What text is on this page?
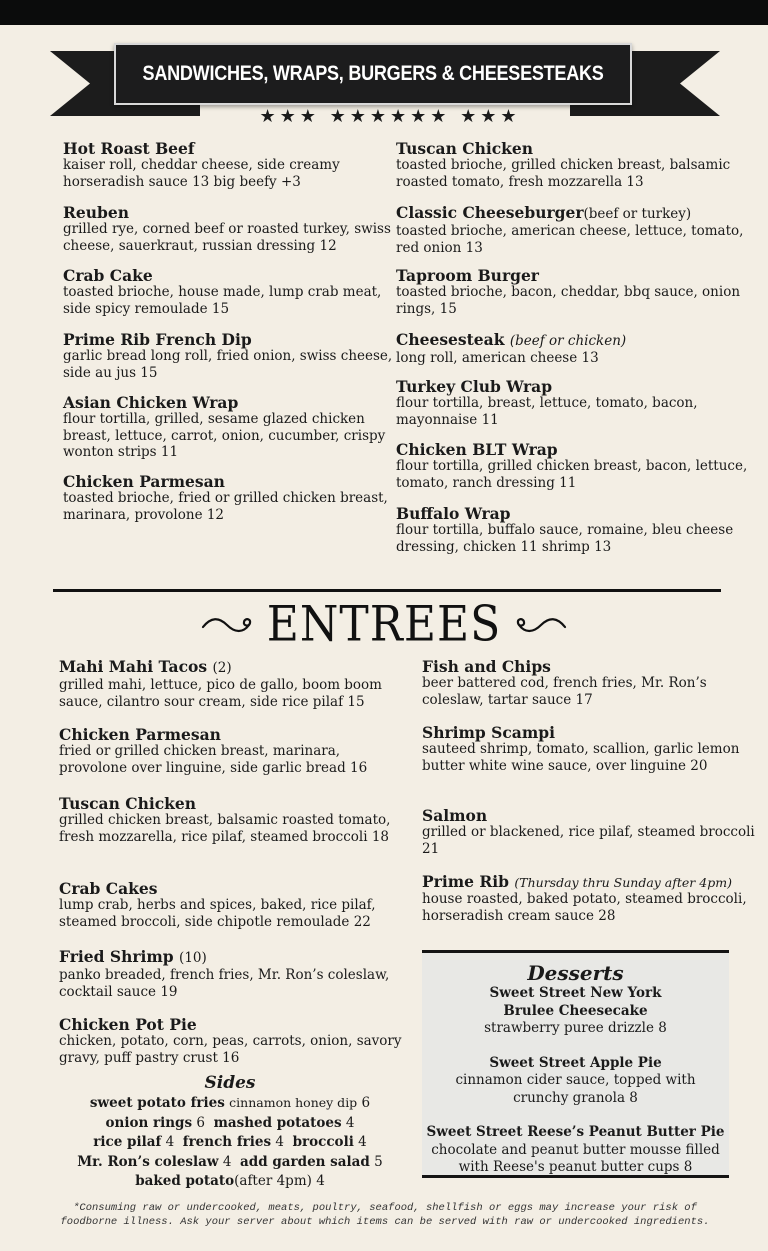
SANDWICHES, WRAPS, BURGERS & CHEESESTEAKS
★★★ ★★★★★★ ★★★
Hot Roast Beef
kaiser roll, cheddar cheese, side creamy horseradish sauce 13 big beefy +3
Reuben
grilled rye, corned beef or roasted turkey, swiss cheese, sauerkraut, russian dressing 12
Crab Cake
toasted brioche, house made, lump crab meat, side spicy remoulade 15
Prime Rib French Dip
garlic bread long roll, fried onion, swiss cheese, side au jus 15
Asian Chicken Wrap
flour tortilla, grilled, sesame glazed chicken breast, lettuce, carrot, onion, cucumber, crispy wonton strips 11
Chicken Parmesan
toasted brioche, fried or grilled chicken breast, marinara, provolone 12
Tuscan Chicken
toasted brioche, grilled chicken breast, balsamic roasted tomato, fresh mozzarella 13
Classic Cheeseburger(beef or turkey)
toasted brioche, american cheese, lettuce, tomato, red onion 13
Taproom Burger
toasted brioche, bacon, cheddar, bbq sauce, onion rings, 15
Cheesesteak (beef or chicken)
long roll, american cheese 13
Turkey Club Wrap
flour tortilla, breast, lettuce, tomato, bacon, mayonnaise 11
Chicken BLT Wrap
flour tortilla, grilled chicken breast, bacon, lettuce, tomato, ranch dressing 11
Buffalo Wrap
flour tortilla, buffalo sauce, romaine, bleu cheese dressing, chicken 11 shrimp 13
ENTREES
Mahi Mahi Tacos (2)
grilled mahi, lettuce, pico de gallo, boom boom sauce, cilantro sour cream, side rice pilaf 15
Chicken Parmesan
fried or grilled chicken breast, marinara, provolone over linguine, side garlic bread 16
Tuscan Chicken
grilled chicken breast, balsamic roasted tomato, fresh mozzarella, rice pilaf, steamed broccoli 18
Crab Cakes
lump crab, herbs and spices, baked, rice pilaf, steamed broccoli, side chipotle remoulade 22
Fried Shrimp (10)
panko breaded, french fries, Mr. Ron’s coleslaw, cocktail sauce 19
Chicken Pot Pie
chicken, potato, corn, peas, carrots, onion, savory gravy, puff pastry crust 16
Fish and Chips
beer battered cod, french fries, Mr. Ron’s coleslaw, tartar sauce 17
Shrimp Scampi
sauteed shrimp, tomato, scallion, garlic lemon butter white wine sauce, over linguine 20
Salmon
grilled or blackened, rice pilaf, steamed broccoli 21
Prime Rib (Thursday thru Sunday after 4pm)
house roasted, baked potato, steamed broccoli, horseradish cream sauce 28
Sides
sweet potato fries cinnamon honey dip 6
onion rings 6 mashed potatoes 4
rice pilaf 4 french fries 4 broccoli 4
Mr. Ron’s coleslaw 4 add garden salad 5
baked potato(after 4pm) 4
Desserts
Sweet Street New York
Brulee Cheesecake
strawberry puree drizzle 8
Sweet Street Apple Pie
cinnamon cider sauce, topped with
crunchy granola 8
Sweet Street Reese’s Peanut Butter Pie
chocolate and peanut butter mousse filled
with Reese's peanut butter cups 8
*Consuming raw or undercooked, meats, poultry, seafood, shellfish or eggs may increase your risk of
foodborne illness. Ask your server about which items can be served with raw or undercooked ingredients.
